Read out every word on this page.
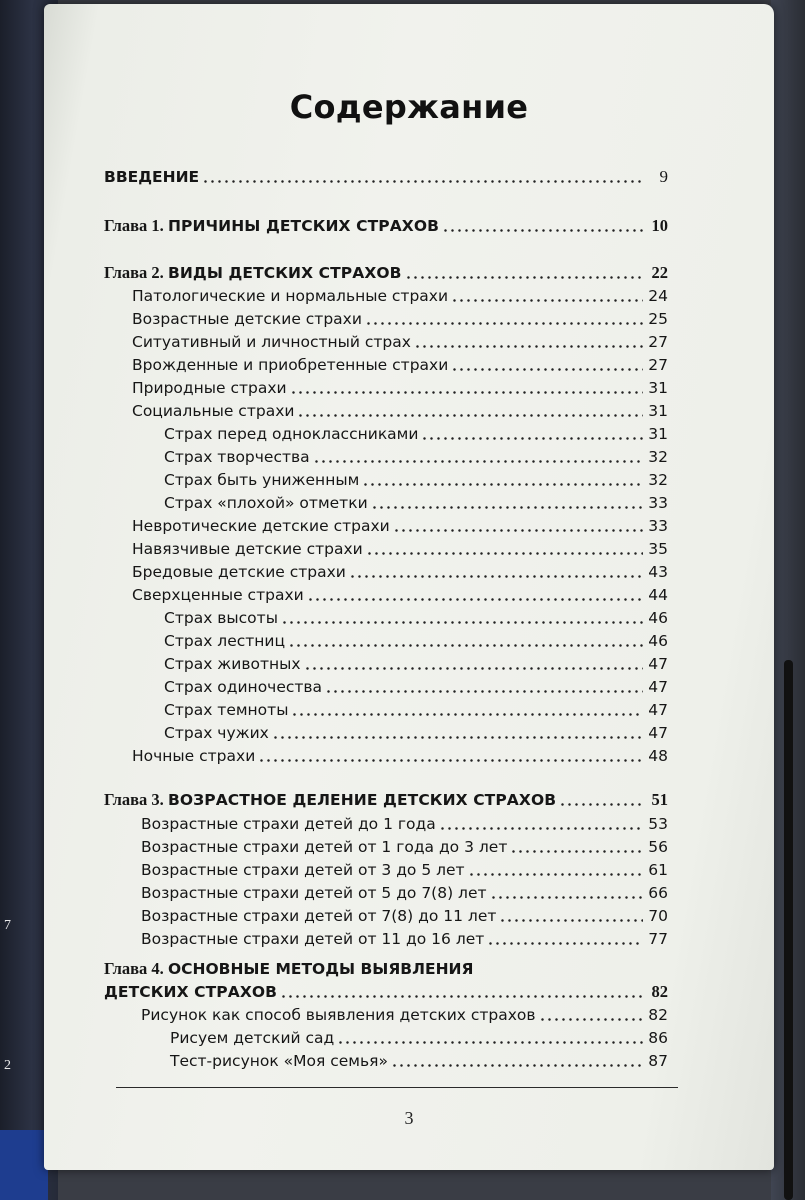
7
2
Содержание
ВВЕДЕНИЕ	9
Глава 1. ПРИЧИНЫ ДЕТСКИХ СТРАХОВ	10
Глава 2. ВИДЫ ДЕТСКИХ СТРАХОВ	22
Патологические и нормальные страхи	24
Возрастные детские страхи	25
Ситуативный и личностный страх	27
Врожденные и приобретенные страхи	27
Природные страхи	31
Социальные страхи	31
Страх перед одноклассниками	31
Страх творчества	32
Страх быть униженным	32
Страх «плохой» отметки	33
Невротические детские страхи	33
Навязчивые детские страхи	35
Бредовые детские страхи	43
Сверхценные страхи	44
Страх высоты	46
Страх лестниц	46
Страх животных	47
Страх одиночества	47
Страх темноты	47
Страх чужих	47
Ночные страхи	48
Глава 3. ВОЗРАСТНОЕ ДЕЛЕНИЕ ДЕТСКИХ СТРАХОВ	51
Возрастные страхи детей до 1 года	53
Возрастные страхи детей от 1 года до 3 лет	56
Возрастные страхи детей от 3 до 5 лет	61
Возрастные страхи детей от 5 до 7(8) лет	66
Возрастные страхи детей от 7(8) до 11 лет	70
Возрастные страхи детей от 11 до 16 лет	77
Глава 4. ОСНОВНЫЕ МЕТОДЫ ВЫЯВЛЕНИЯ
ДЕТСКИХ СТРАХОВ	82
Рисунок как способ выявления детских страхов	82
Рисуем детский сад	86
Тест-рисунок «Моя семья»	87
3
